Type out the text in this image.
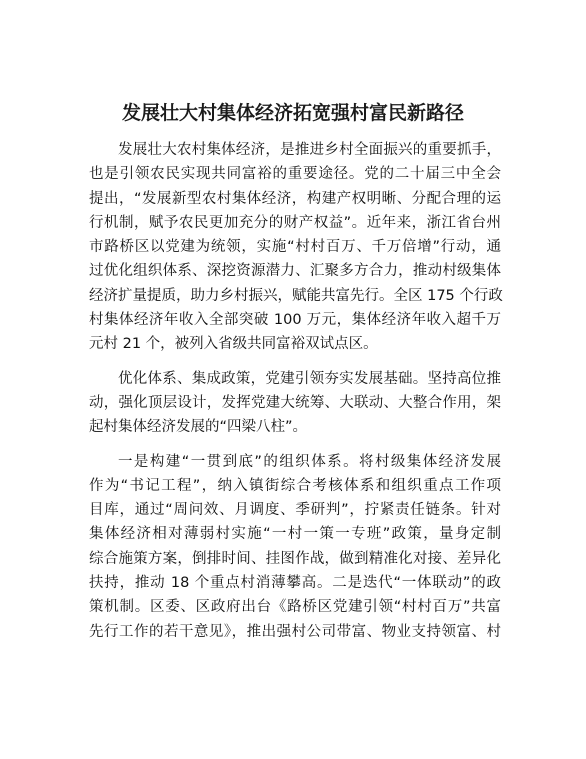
发展壮大村集体经济拓宽强村富民新路径

发展壮大农村集体经济，是推进乡村全面振兴的重要抓手，
也是引领农民实现共同富裕的重要途径。党的二十届三中全会
提出，“发展新型农村集体经济，构建产权明晰、分配合理的运
行机制，赋予农民更加充分的财产权益”。近年来，浙江省台州
市路桥区以党建为统领，实施“村村百万、千万倍增”行动，通
过优化组织体系、深挖资源潜力、汇聚多方合力，推动村级集体
经济扩量提质，助力乡村振兴，赋能共富先行。全区 175 个行政
村集体经济年收入全部突破 100 万元，集体经济年收入超千万
元村 21 个，被列入省级共同富裕双试点区。

优化体系、集成政策，党建引领夯实发展基础。坚持高位推
动，强化顶层设计，发挥党建大统筹、大联动、大整合作用，架
起村集体经济发展的“四梁八柱”。

一是构建“一贯到底”的组织体系。将村级集体经济发展
作为“书记工程”，纳入镇街综合考核体系和组织重点工作项
目库，通过“周问效、月调度、季研判”，拧紧责任链条。针对
集体经济相对薄弱村实施“一村一策一专班”政策，量身定制
综合施策方案，倒排时间、挂图作战，做到精准化对接、差异化
扶持，推动 18 个重点村消薄攀高。二是迭代“一体联动”的政
策机制。区委、区政府出台《路桥区党建引领“村村百万”共富
先行工作的若干意见》，推出强村公司带富、物业支持领富、村
